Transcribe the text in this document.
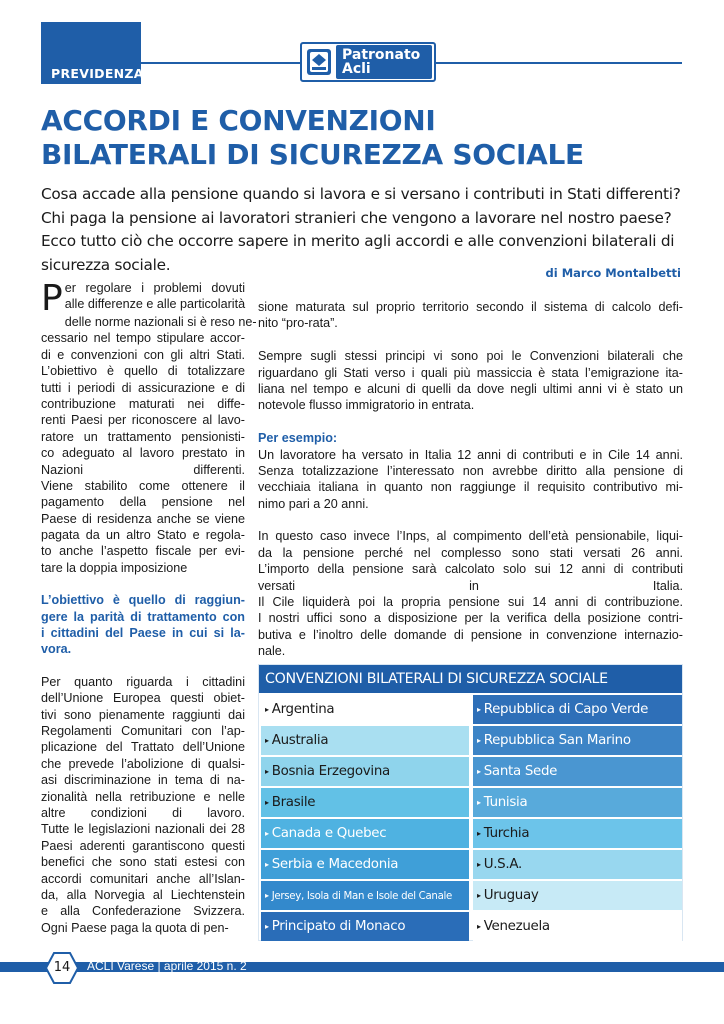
PREVIDENZA
Patronato
Acli
ACCORDI E CONVENZIONI
BILATERALI DI SICUREZZA SOCIALE
Cosa accade alla pensione quando si lavora e si versano i contributi in Stati differenti?
Chi paga la pensione ai lavoratori stranieri che vengono a lavorare nel nostro paese?
Ecco tutto ciò che occorre sapere in merito agli accordi e alle convenzioni bilaterali di
sicurezza sociale.	di Marco Montalbetti
P er regolare i problemi dovuti
alle differenze e alle particolarità
delle norme nazionali si è reso ne-
cessario nel tempo stipulare accor-
di e convenzioni con gli altri Stati.
L’obiettivo è quello di totalizzare
tutti i periodi di assicurazione e di
contribuzione maturati nei diffe-
renti Paesi per riconoscere al lavo-
ratore un trattamento pensionisti-
co adeguato al lavoro prestato in
Nazioni differenti.
Viene stabilito come ottenere il
pagamento della pensione nel
Paese di residenza anche se viene
pagata da un altro Stato e regola-
to anche l’aspetto fiscale per evi-
tare la doppia imposizione
L’obiettivo è quello di raggiun-
gere la parità di trattamento con
i cittadini del Paese in cui si la-
vora.
Per quanto riguarda i cittadini
dell’Unione Europea questi obiet-
tivi sono pienamente raggiunti dai
Regolamenti Comunitari con l’ap-
plicazione del Trattato dell’Unione
che prevede l’abolizione di qualsi-
asi discriminazione in tema di na-
zionalità nella retribuzione e nelle
altre condizioni di lavoro.
Tutte le legislazioni nazionali dei 28
Paesi aderenti garantiscono questi
benefici che sono stati estesi con
accordi comunitari anche all’Islan-
da, alla Norvegia al Liechtenstein
e alla Confederazione Svizzera.
Ogni Paese paga la quota di pen-
sione maturata sul proprio territorio secondo il sistema di calcolo defi-
nito “pro-rata”.
Sempre sugli stessi principi vi sono poi le Convenzioni bilaterali che
riguardano gli Stati verso i quali più massiccia è stata l’emigrazione ita-
liana nel tempo e alcuni di quelli da dove negli ultimi anni vi è stato un
notevole flusso immigratorio in entrata.
Per esempio:
Un lavoratore ha versato in Italia 12 anni di contributi e in Cile 14 anni.
Senza totalizzazione l’interessato non avrebbe diritto alla pensione di
vecchiaia italiana in quanto non raggiunge il requisito contributivo mi-
nimo pari a 20 anni.
In questo caso invece l’Inps, al compimento dell’età pensionabile, liqui-
da la pensione perché nel complesso sono stati versati 26 anni.
L’importo della pensione sarà calcolato solo sui 12 anni di contributi
versati in Italia.
Il Cile liquiderà poi la propria pensione sui 14 anni di contribuzione.
I nostri uffici sono a disposizione per la verifica della posizione contri-
butiva e l’inoltro delle domande di pensione in convenzione internazio-
nale.
CONVENZIONI BILATERALI DI SICUREZZA SOCIALE
▸ Argentina	▸ Repubblica di Capo Verde
▸ Australia	▸ Repubblica San Marino
▸ Bosnia Erzegovina	▸ Santa Sede
▸ Brasile	▸ Tunisia
▸ Canada e Quebec	▸ Turchia
▸ Serbia e Macedonia	▸ U.S.A.
▸ Jersey, Isola di Man e Isole del Canale	▸ Uruguay
▸ Principato di Monaco	▸ Venezuela
14	ACLI Varese | aprile 2015 n. 2
